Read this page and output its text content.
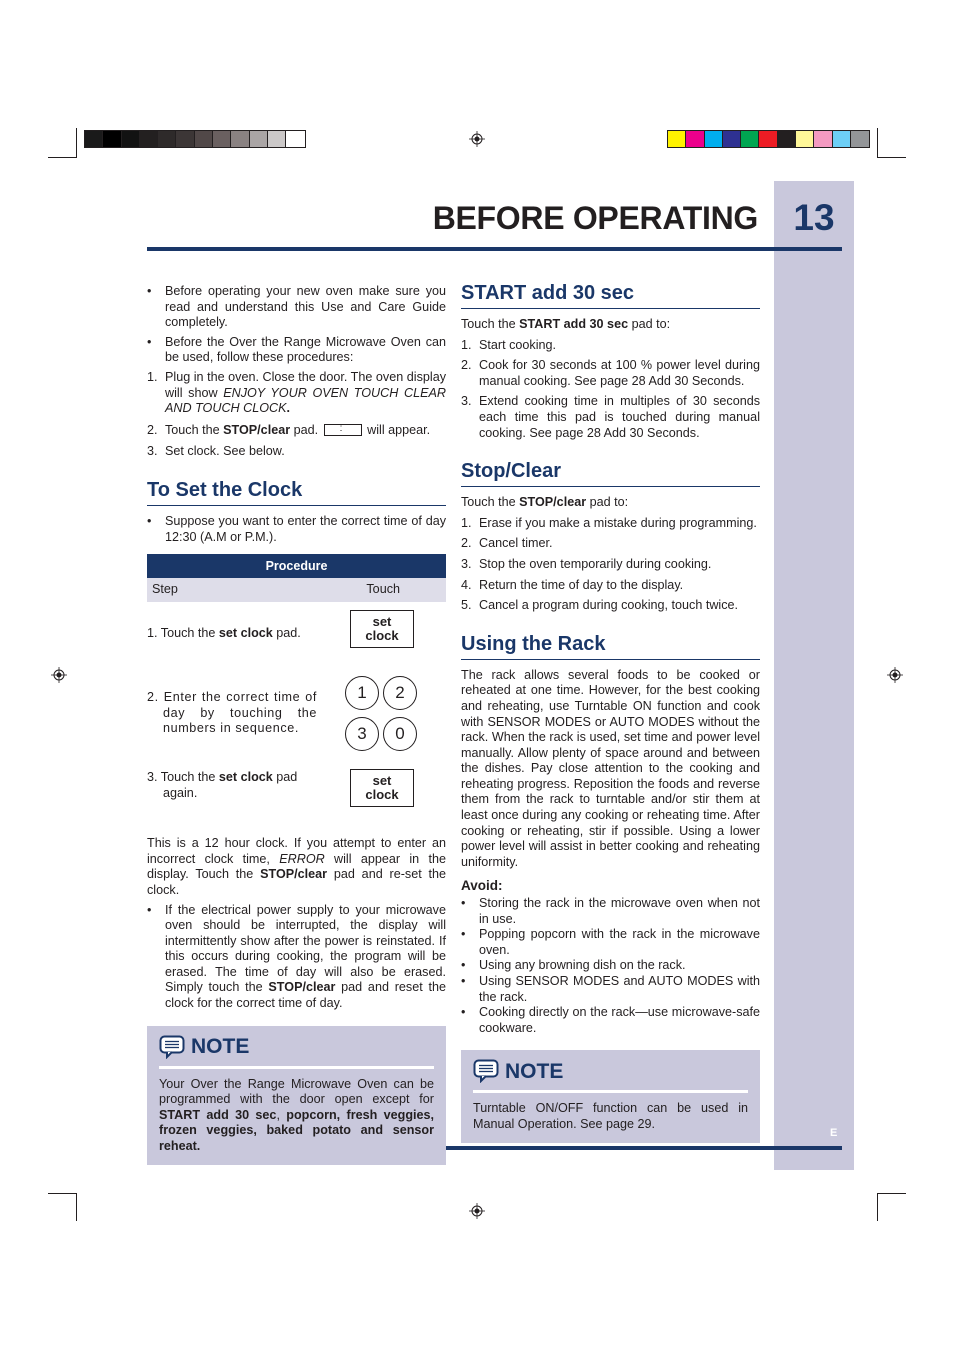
13
BEFORE OPERATING
E
• Before operating your new oven make sure you read and understand this Use and Care Guide completely.
• Before the Over the Range Microwave Oven can be used, follow these procedures:
1. Plug in the oven. Close the door. The oven display will show ENJOY YOUR OVEN TOUCH CLEAR AND TOUCH CLOCK.
2. Touch the STOP/clear pad. : will appear.
3. Set clock. See below.
To Set the Clock
• Suppose you want to enter the correct time of day 12:30 (A.M or P.M.).
Procedure
Step	Touch
1. Touch the set clock pad.
set
clock
2. Enter the correct time of day by touching the numbers in sequence.
1	2
3	0
3. Touch the set clock pad again.
set
clock

This is a 12 hour clock. If you attempt to enter an incorrect clock time, ERROR will appear in the display. Touch the STOP/clear pad and re-set the clock.

• If the electrical power supply to your microwave oven should be interrupted, the display will intermittently show after the power is reinstated. If this occurs during cooking, the program will be erased. The time of day will also be erased. Simply touch the STOP/clear pad and reset the clock for the correct time of day.
NOTE

Your Over the Range Microwave Oven can be programmed with the door open except for START add 30 sec, popcorn, fresh veggies, frozen veggies, baked potato and sensor reheat.

START add 30 sec

Touch the START add 30 sec pad to:

1. Start cooking.
2. Cook for 30 seconds at 100 % power level during manual cooking. See page 28 Add 30 Seconds.
3. Extend cooking time in multiples of 30 seconds each time this pad is touched during manual cooking. See page 28 Add 30 Seconds.
Stop/Clear

Touch the STOP/clear pad to:

1. Erase if you make a mistake during programming.
2. Cancel timer.
3. Stop the oven temporarily during cooking.
4. Return the time of day to the display.
5. Cancel a program during cooking, touch twice.
Using the Rack

The rack allows several foods to be cooked or reheated at one time. However, for the best cooking and reheating, use Turntable ON function and cook with SENSOR MODES or AUTO MODES without the rack. When the rack is used, set time and power level manually. Allow plenty of space around and between the dishes. Pay close attention to the cooking and reheating progress. Reposition the foods and reverse them from the rack to turntable and/or stir them at least once during any cooking or reheating time. After cooking or reheating, stir if possible. Using a lower power level will assist in better cooking and reheating uniformity.

Avoid:

• Storing the rack in the microwave oven when not in use.
• Popping popcorn with the rack in the microwave oven.
• Using any browning dish on the rack.
• Using SENSOR MODES and AUTO MODES with the rack.
• Cooking directly on the rack—use microwave-safe cookware.
NOTE

Turntable ON/OFF function can be used in Manual Operation. See page 29.
